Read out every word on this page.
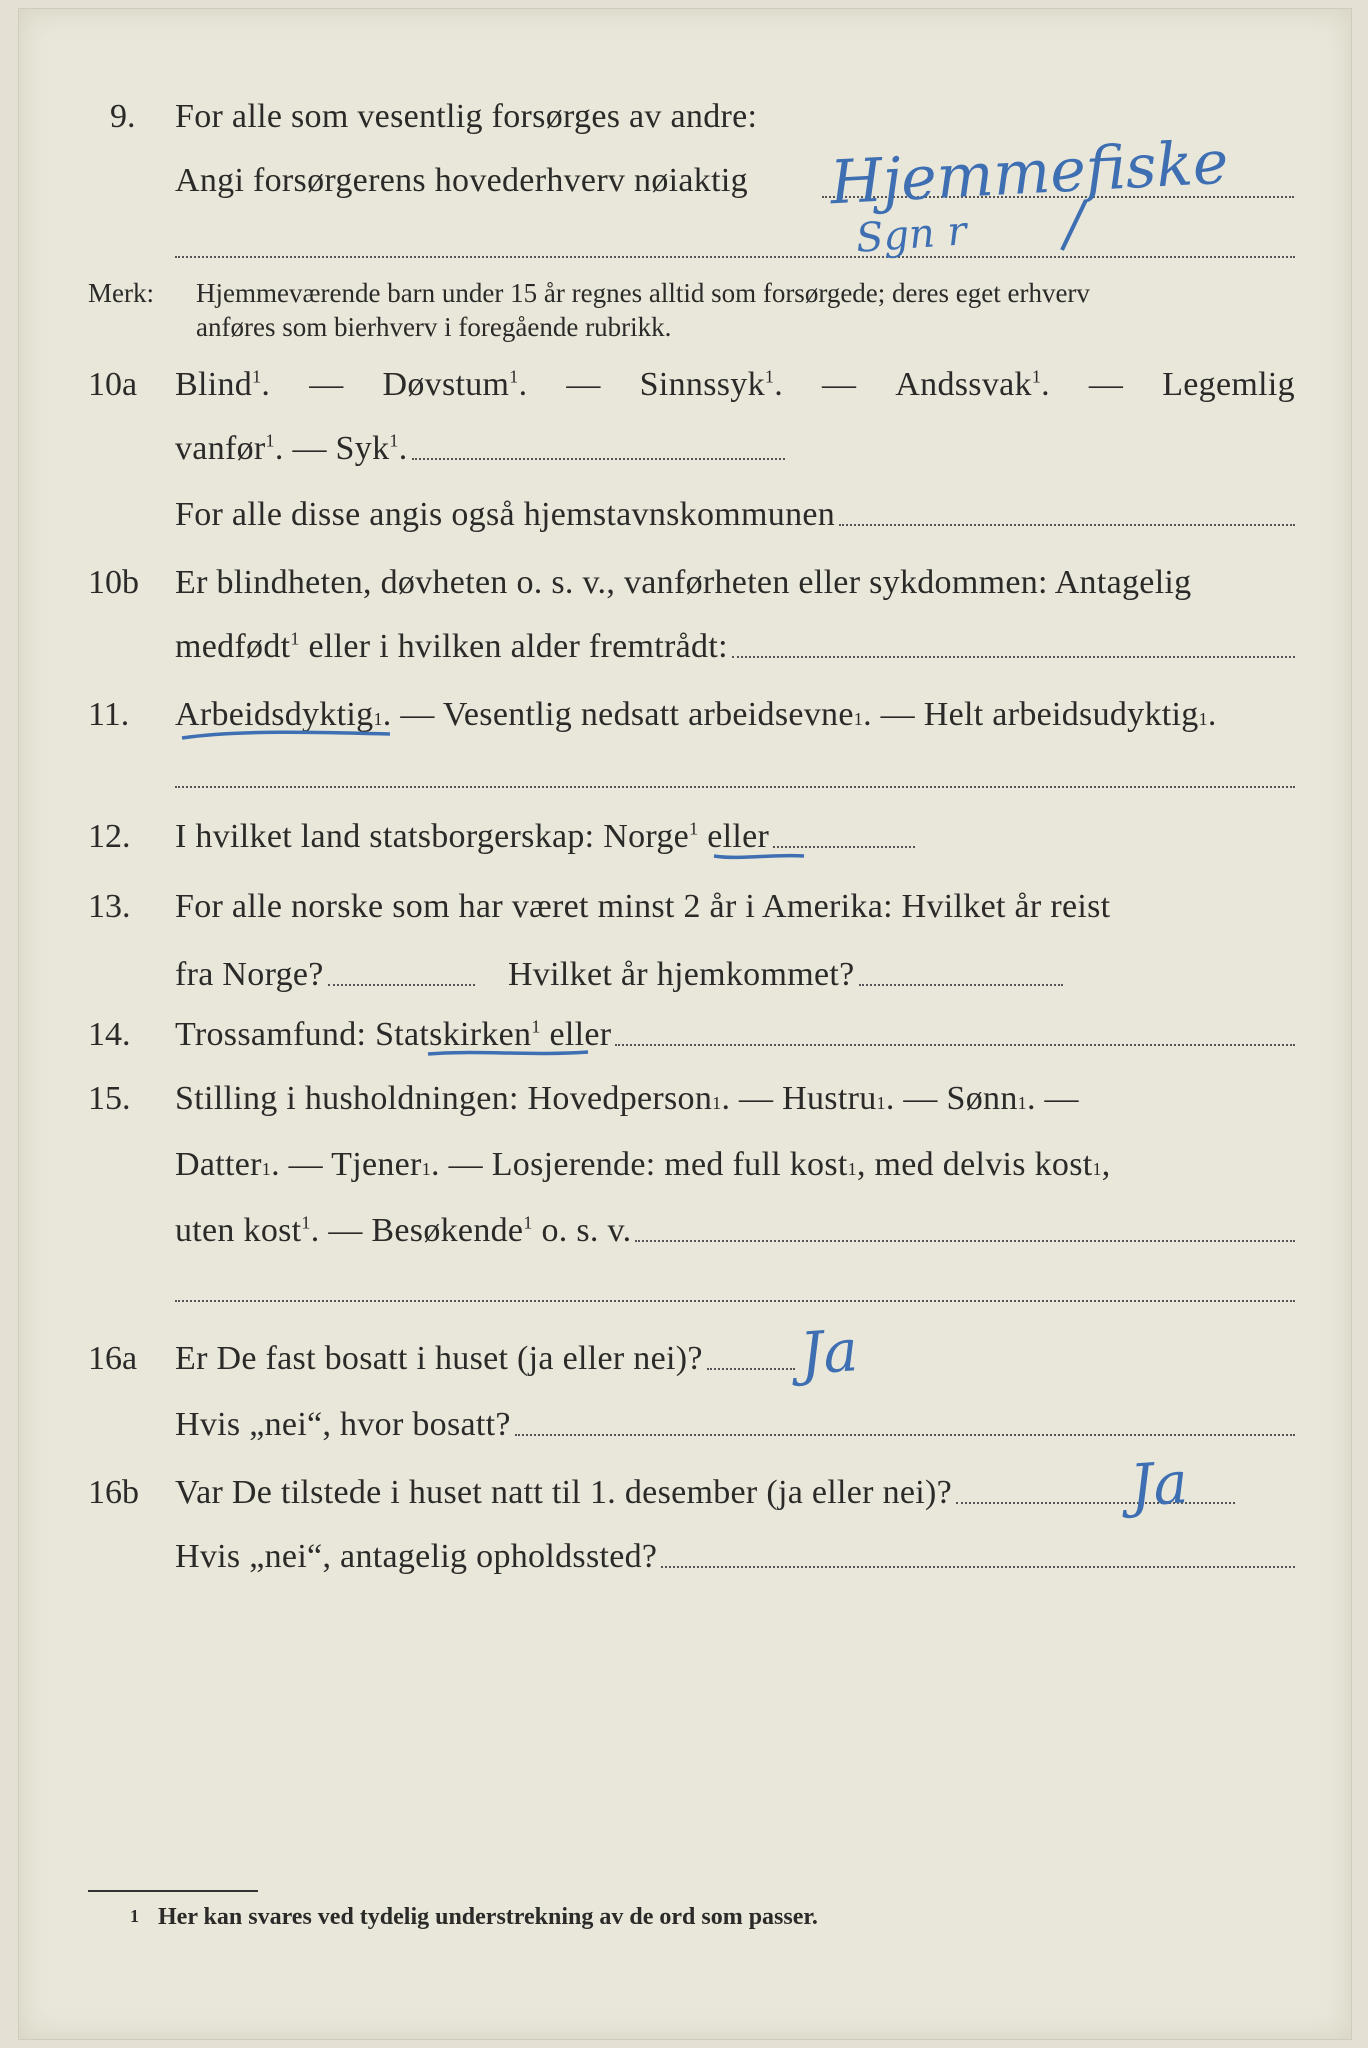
9. For alle som vesentlig forsørges av andre:
Angi forsørgerens hovederhverv nøiaktig Hjemmefiske
Sgn r
Merk: Hjemmeværende barn under 15 år regnes alltid som forsørgede; deres eget erhverv
anføres som bierhverv i foregående rubrikk.
10a Blind$^1$. — Døvstum$^1$. — Sinnssyk$^1$. — Andssvak$^1$. — Legemlig
vanfør$^1$. — Syk$^1$.
For alle disse angis også hjemstavnskommunen
10b Er blindheten, døvheten o. s. v., vanførheten eller sykdommen: Antagelig
medfødt$^1$ eller i hvilken alder fremtrådt:
11. Arbeidsdyktig 1 . — Vesentlig nedsatt arbeidsevne 1 . — Helt arbeidsudyktig 1 .
12. I hvilket land statsborgerskap: Norge$^1$ eller
13. For alle norske som har været minst 2 år i Amerika: Hvilket år reist
fra Norge?	Hvilket år hjemkommet?
14. Trossamfund: Statskirken$^1$ eller
15. Stilling i husholdningen: Hovedperson 1 . — Hustru 1 . — Sønn 1 . —
Datter 1 . — Tjener 1 . — Losjerende: med full kost 1 , med delvis kost 1 ,
uten kost$^1$. — Besøkende$^1$ o. s. v.
16a Er De fast bosatt i huset (ja eller nei)? Ja
Hvis „nei“, hvor bosatt?
16b Var De tilstede i huset natt til 1. desember (ja eller nei)?	Ja
Hvis „nei“, antagelig opholdssted?
1 Her kan svares ved tydelig understrekning av de ord som passer.
